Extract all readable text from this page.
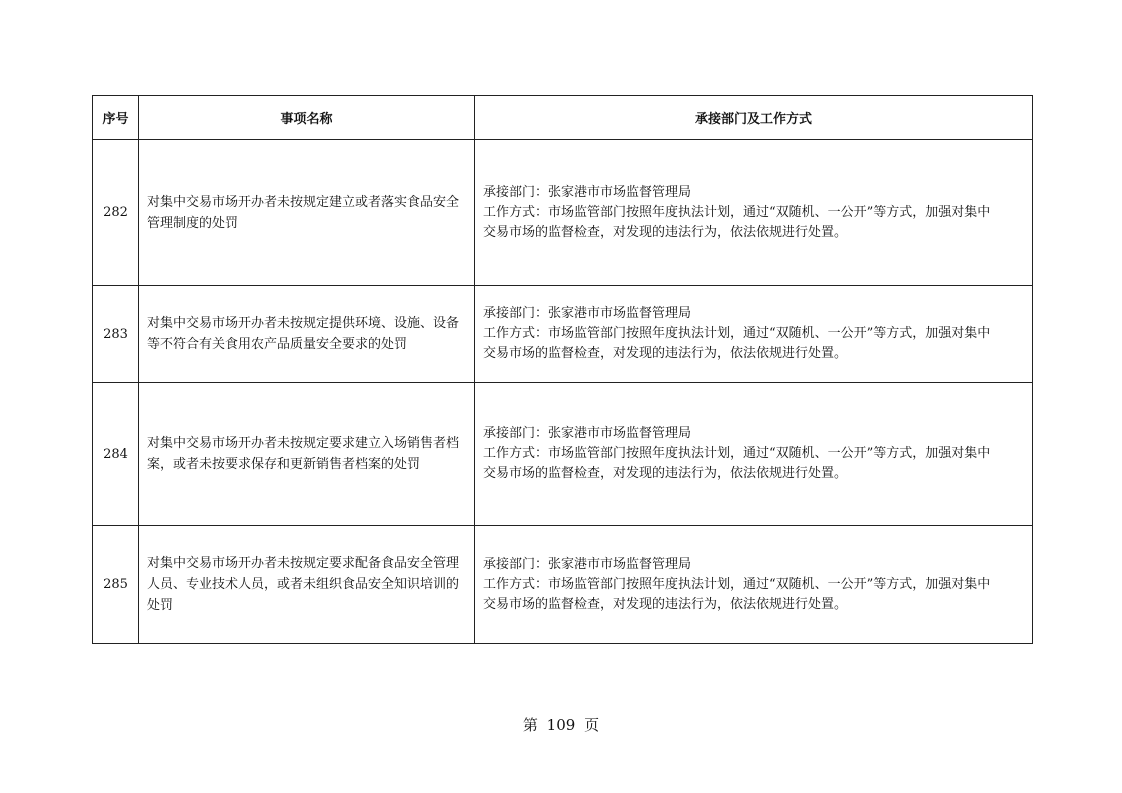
序号	事项名称	承接部门及工作方式
282	对集中交易市场开办者未按规定建立或者落实食品安全管理制度的处罚	承接部门：张家港市市场监督管理局
工作方式：市场监管部门按照年度执法计划，通过“双随机、一公开”等方式，加强对集中
交易市场的监督检查，对发现的违法行为，依法依规进行处置。

283	对集中交易市场开办者未按规定提供环境、设施、设备等不符合有关食用农产品质量安全要求的处罚	承接部门：张家港市市场监督管理局
工作方式：市场监管部门按照年度执法计划，通过“双随机、一公开”等方式，加强对集中
交易市场的监督检查，对发现的违法行为，依法依规进行处置。

284	对集中交易市场开办者未按规定要求建立入场销售者档案，或者未按要求保存和更新销售者档案的处罚	承接部门：张家港市市场监督管理局
工作方式：市场监管部门按照年度执法计划，通过“双随机、一公开”等方式，加强对集中
交易市场的监督检查，对发现的违法行为，依法依规进行处置。

285	对集中交易市场开办者未按规定要求配备食品安全管理人员、专业技术人员，或者未组织食品安全知识培训的处罚	承接部门：张家港市市场监督管理局
工作方式：市场监管部门按照年度执法计划，通过“双随机、一公开”等方式，加强对集中
交易市场的监督检查，对发现的违法行为，依法依规进行处置。
第 109 页
